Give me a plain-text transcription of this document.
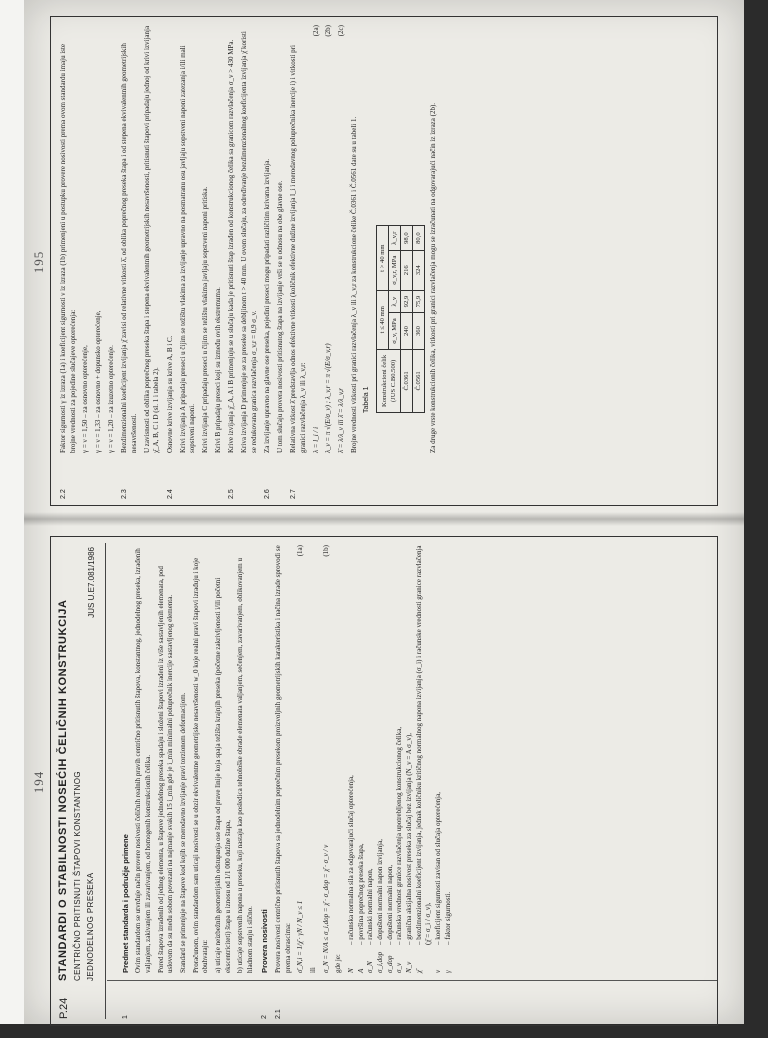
195
2.2

Faktor sigurnosti γ iz izraza (1a) i koeficijent sigurnosti ν iz izraza (1b) primenjeni u postupku provere nosivosti prema ovom standardu imaju iste brojne vrednosti za pojedine slučajeve opterećenja: γ = ν = 1,50 – za osnovno opterećenje, γ = ν = 1,33 – za osnovno + dopunsko opterećenje, γ = ν = 1,20 – za izuzetno opterećenje.

2.3

Bezdimenzionalni koeficijent izvijanja χ̄ zavisi od relativne vitkosti λ̄, od oblika poprečnog preseka štapa i od stepena ekvivalentnih geometrijskih nesavršenosti. U zavisnosti od oblika poprečnog preseka štapa i stepena ekvivalentnih geometrijskih nesavršenosti, pritisnuti štapovi pripadaju jednoj od krivi izvijanja χ̄_A, B, C i D (sl. 1 i tabela 2).

2.4

Osnovne krive izvijanja su krive A, B i C. Krivi izvijanja A pripadaju preseci u čijim se težištu vlakima za izvijanje upravno na posmatranu osu javljaju sopstveni naponi zatezanja i/ili mali sopstveni naponi. Krivi izvijanja C pripadaju preseci u čijim se težištu vlakima javljaju sopstveni naponi pritiska. Krivi B pripadaju preseci koji su između ovih ekstremuma.

2.5

Krive izvijanja χ̄_A, A i B primenjuju se u slučaju kada je pritisnuti štap izrađen od konstrukcionog čelika sa granicom razvlačenja σ_v > 430 MPa. Kriva izvijanja D primenjuje se za preseke sa debljinom t > 40 mm. U ovom slučaju, za određivanje bezdimenzionalnog koeficijenta izvijanja χ̄ koristi se redukovana granica razvlačenja σ_v,r = 0,9 σ_v.

2.6

Za izvijanje upravno na glavne ose preseka, pojedini preseci mogu pripadati različitim krivama izvijanja. U tom slučaju provera nosivosti pritisnutog štapa na izvijanje vrši se u odnosu na obe glavne ose.

2.7

Relativna vitkost λ̄ predstavlja odnos efektivne vitkosti (količnik efektivne dužine izvijanja l_i i merodavnog poluprečnika inercije i) i vitkosti pri granici razvlačenja λ_v ili λ_v,r: λ = l_i / i
(2a)
λ_v = π √(E/σ_v) ; λ_v,r = π √(E/σ_v,r)
(2b)
λ̄ = λ/λ_v ili λ̄ = λ/λ_v,r
(2c)

Brojne vrednosti vitkosti pri granici razvlačenja λ_v ili λ_v,r za konstrukcione čelike Č.0361 i Č.0561 date su u tabeli 1. Tabela 1 Konstrukcioni čelik (JUS C.B0.500)	t ≤ 40 mm		t > 40 mm	
	σ_v, MPa	λ_v	σ_v,r, MPa	λ_v,r
Č.0361	240	92,9	216	98,0
Č.0561	360	75,9	324	80,0 Za druge vrste konstrukcionih čelika, vitkosti pri granici razvlačenja mogu se izračunati na odgovarajući način iz izraza (2b).

194
P.24
STANDARDI O STABILNOSTI NOSEĆIH ČELIČNIH KONSTRUKCIJA CENTRIČNO PRITISNUTI ŠTAPOVI KONSTANTNOG JEDNODELNOG PRESEKA
JUS U.E7.081/1986
1

Predmet standarda i područje primene Ovim standardom se utvrđuje način provere nosivosti čeličnih realnih pravih centrično pritisnutih štapova, konstantnog, jednodelnog preseka, izrađenih valjanjem, zakivanjem ili zavarivanjem, od homogenih konstrukcionih čelika. Pored štapova izrađenih od jednog elementa, u štapove jednodelnog preseka spadaju i složeni štapovi izrađeni iz više sastavljenih elemenata, pod uslovom da su među sobom povezani na najmanje svakih 15 i_min gde je i_min minimalni poluprečnik inercije sastavljenog elementa. Standard se primenjuje na štapove kod kojih se merodavno izvijanje pravi torzionom deformacijom. Proračunom, ovim standardom sam uticaji nosivosti se u obzir ekvivalentne geometrijske nesavršenosti w_0 koje realni pravi štapovi izrađuju i koje obuhvataju: a) uticaje neizbežnih geometrijskih odstupanja ose štapa od prave linije koja spaja težišta krajnjih preseka (početne zakrivljenosti i/ili početni ekscentriciteti) štapa u iznosu od 1/1 000 dužine štapa, b) uticaje sopstvenih napona u preseku, koji nastaju kao posledica tehnološke obrade elemenata valjanjem, sečenjem, zavarivanjem, oblikovanjem u hladnom stanju i slično.

2

Provera nosivosti

2.1

Provera nosivosti centrično pritisnutih štapova sa jednodelnim poprečnim presekom proizvoljnih geometrijskih karakteristika i načina izrade sprovodi se prema obrascima: σ̄_N,i = 1/χ̄ · γN / N_v ≤ 1
(1a)

ili σ_N = N/A ≤ σ_i,dop = χ̄ · σ_dop = χ̄ · σ_v / ν
(1b)

gde je: N
– računska normalna sila za odgovarajući slučaj opterećenja,
A
– površina poprečnog preseka štapa,
σ_N
– računski normalni napon,
σ_i,dop
– dopušteni normalni napon izvijanja,
σ_dop
– dopušteni normalni napon,
σ_v
– računska vrednost granice razvlačenja upotrebljenog konstrukcionog čelika,
N_v
– granična aksijalna nosivost preseka za slučaj bez izvijanja (N_v = A σ_v),
χ̄
– bezdimenzionalni koeficijent izvijanja, jednak količniku kritičnog normalnog napona izvijanja (σ_i) i računske vrednosti granice razvlačenja (χ̄ = σ_i / σ_v),
ν
– koeficijent sigurnosti zavisan od slučaja opterećenja,
γ
– faktor sigurnosti.
